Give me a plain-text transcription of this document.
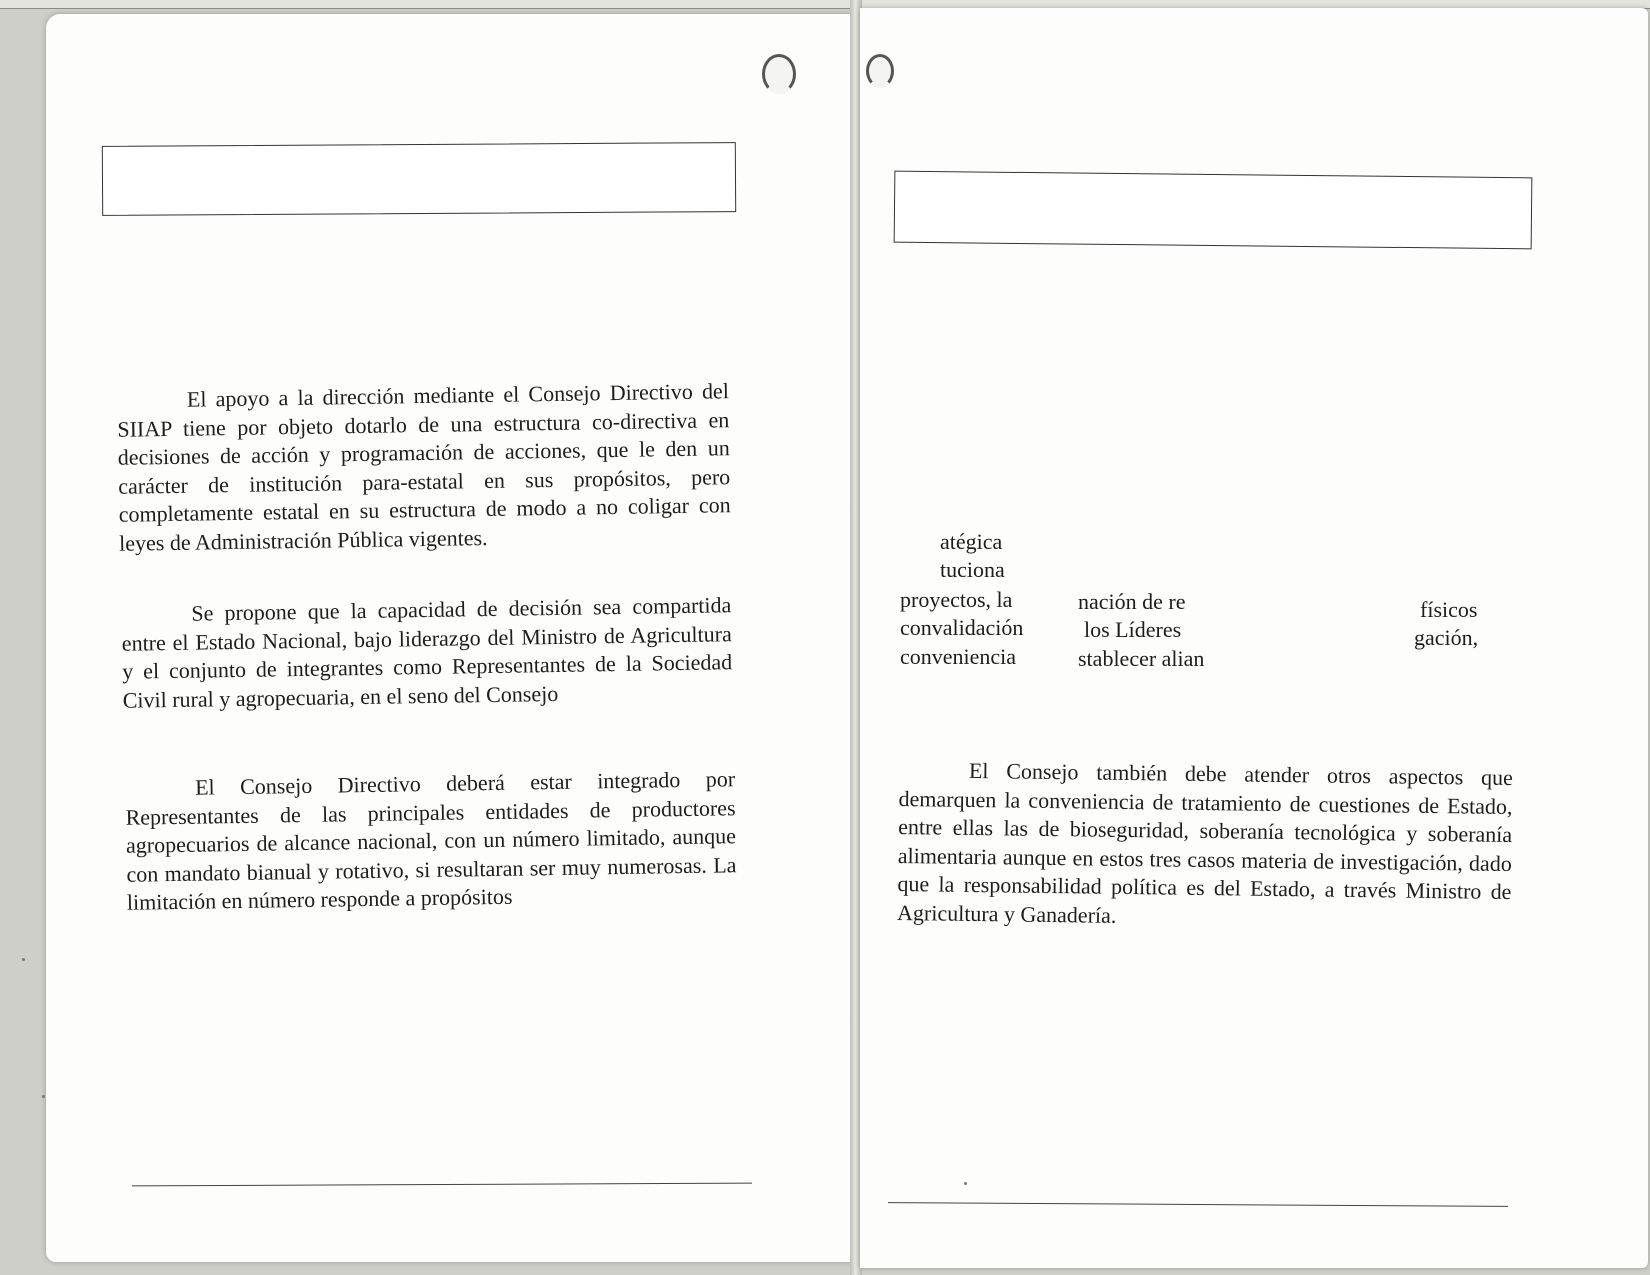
El apoyo a la dirección mediante el Consejo Directivo del SIIAP tiene por objeto dotarlo de una estructura co-directiva en decisiones de acción y programación de acciones, que le den un carácter de institución para-estatal en sus propósitos, pero completamente estatal en su estructura de modo a no coligar con leyes de Administración Pública vigentes.

Se propone que la capacidad de decisión sea compartida entre el Estado Nacional, bajo liderazgo del Ministro de Agricultura y el conjunto de integrantes como Representantes de la Sociedad Civil rural y agropecuaria, en el seno del Consejo

El Consejo Directivo deberá estar integrado por Representantes de las principales entidades de productores agropecuarios de alcance nacional, con un número limitado, aunque con mandato bianual y rotativo, si resultaran ser muy numerosas. La limitación en número responde a propósitos

atégica
tuciona
proyectos, la
convalidación
conveniencia
nación de re
los Líderes
stablecer alian
físicos
gación,

El Consejo también debe atender otros aspectos que demarquen la conveniencia de tratamiento de cuestiones de Estado, entre ellas las de bioseguridad, soberanía tecnológica y soberanía alimentaria aunque en estos tres casos materia de investigación, dado que la responsabilidad política es del Estado, a través Ministro de Agricultura y Ganadería.
